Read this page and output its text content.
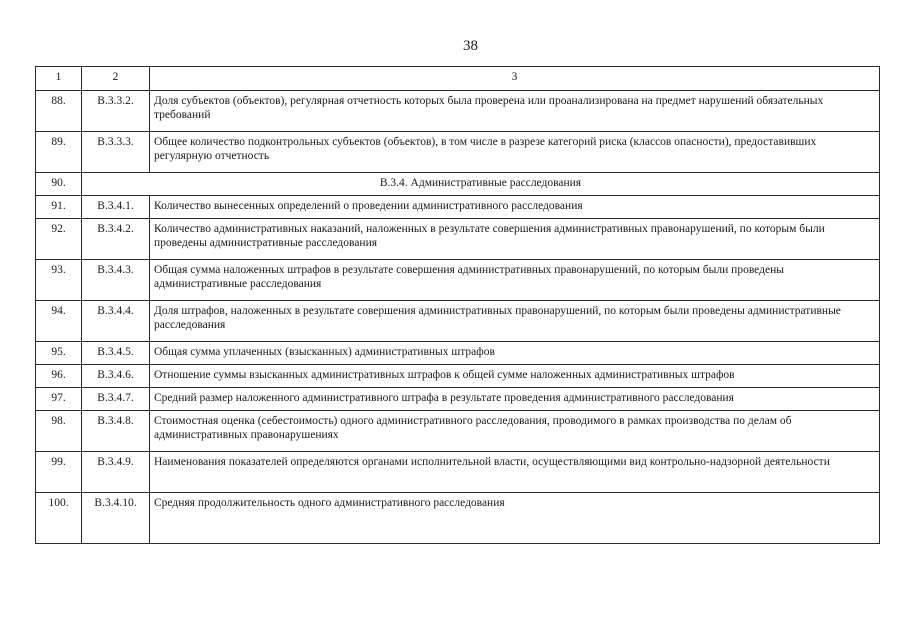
38
1	2	3
88.	В.3.3.2.	Доля субъектов (объектов), регулярная отчетность которых была проверена или проанализирована на предмет нарушений обязательных требований
89.	В.3.3.3.	Общее количество подконтрольных субъектов (объектов), в том числе в разрезе категорий риска (классов опасности), предоставивших регулярную отчетность
90.	В.3.4. Административные расследования	
91.	В.3.4.1.	Количество вынесенных определений о проведении административного расследования
92.	В.3.4.2.	Количество административных наказаний, наложенных в результате совершения административных правонарушений, по которым были проведены административные расследования
93.	В.3.4.3.	Общая сумма наложенных штрафов в результате совершения административных правонарушений, по которым были проведены административные расследования
94.	В.3.4.4.	Доля штрафов, наложенных в результате совершения административных правонарушений, по которым были проведены административные расследования
95.	В.3.4.5.	Общая сумма уплаченных (взысканных) административных штрафов
96.	В.3.4.6.	Отношение суммы взысканных административных штрафов к общей сумме наложенных административных штрафов
97.	В.3.4.7.	Средний размер наложенного административного штрафа в результате проведения административного расследования
98.	В.3.4.8.	Стоимостная оценка (себестоимость) одного административного расследования, проводимого в рамках производства по делам об административных правонарушениях
99.	В.3.4.9.	Наименования показателей определяются органами исполнительной власти, осуществляющими вид контрольно-надзорной деятельности
100.	В.3.4.10.	Средняя продолжительность одного административного расследования
